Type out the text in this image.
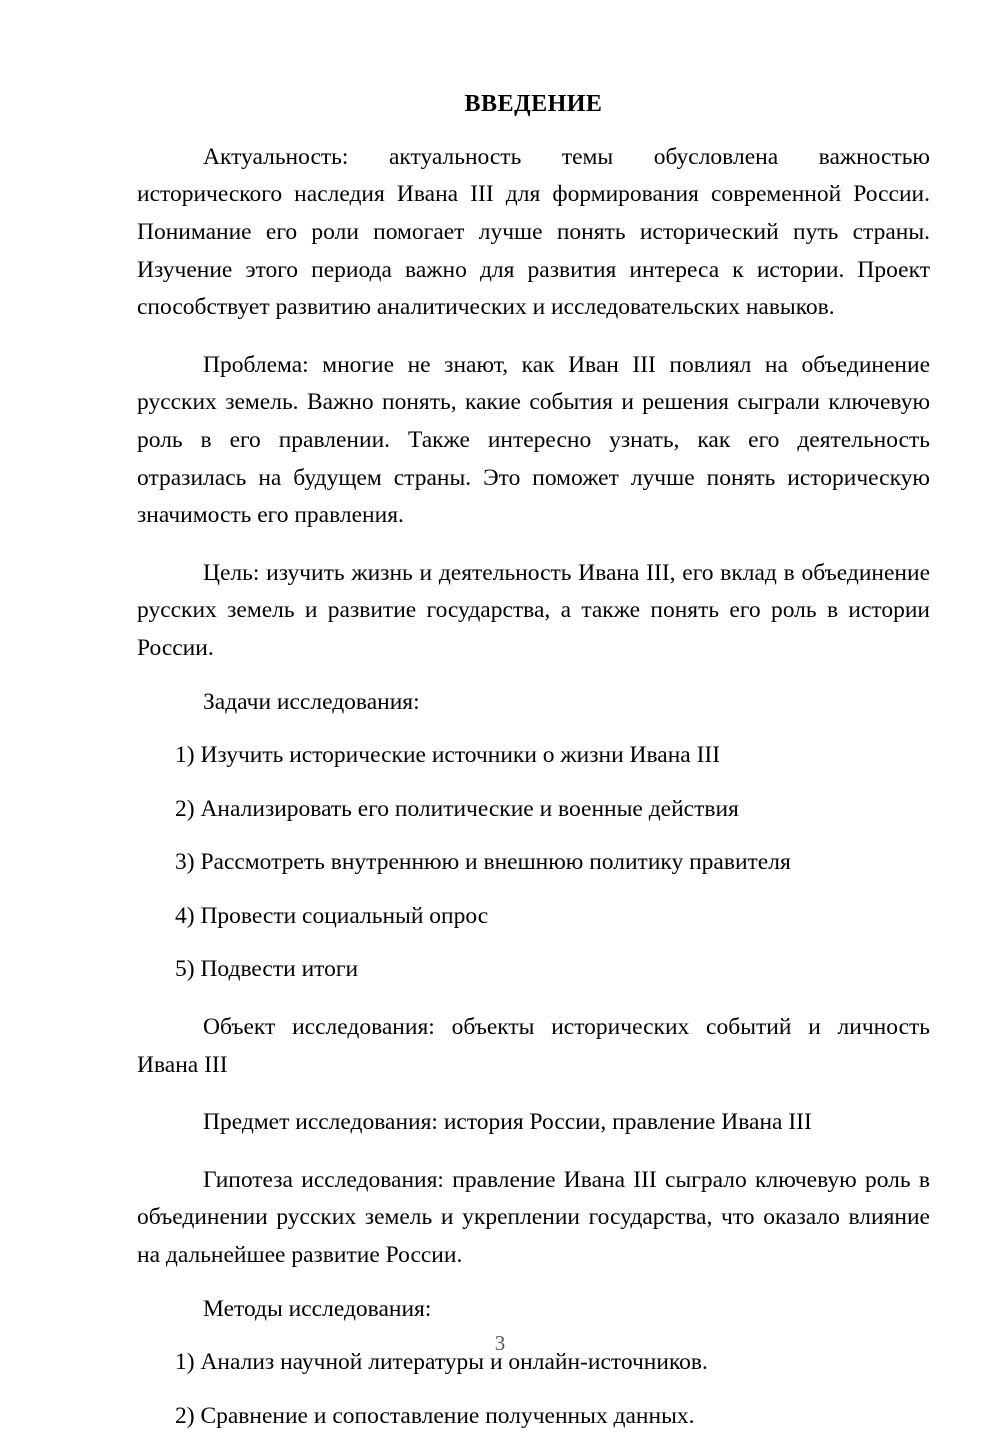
ВВЕДЕНИЕ

Актуальность: актуальность темы обусловлена важностью исторического наследия Ивана III для формирования современной России. Понимание его роли помогает лучше понять исторический путь страны. Изучение этого периода важно для развития интереса к истории. Проект способствует развитию аналитических и исследовательских навыков.

Проблема: многие не знают, как Иван III повлиял на объединение русских земель. Важно понять, какие события и решения сыграли ключевую роль в его правлении. Также интересно узнать, как его деятельность отразилась на будущем страны. Это поможет лучше понять историческую значимость его правления.

Цель: изучить жизнь и деятельность Ивана III, его вклад в объединение русских земель и развитие государства, а также понять его роль в истории России.

Задачи исследования:

1) Изучить исторические источники о жизни Ивана III

2) Анализировать его политические и военные действия

3) Рассмотреть внутреннюю и внешнюю политику правителя

4) Провести социальный опрос

5) Подвести итоги

Объект исследования: объекты исторических событий и личность Ивана III

Предмет исследования: история России, правление Ивана III

Гипотеза исследования: правление Ивана III сыграло ключевую роль в объединении русских земель и укреплении государства, что оказало влияние на дальнейшее развитие России.

Методы исследования:

1) Анализ научной литературы и онлайн-источников.

2) Сравнение и сопоставление полученных данных.

3
